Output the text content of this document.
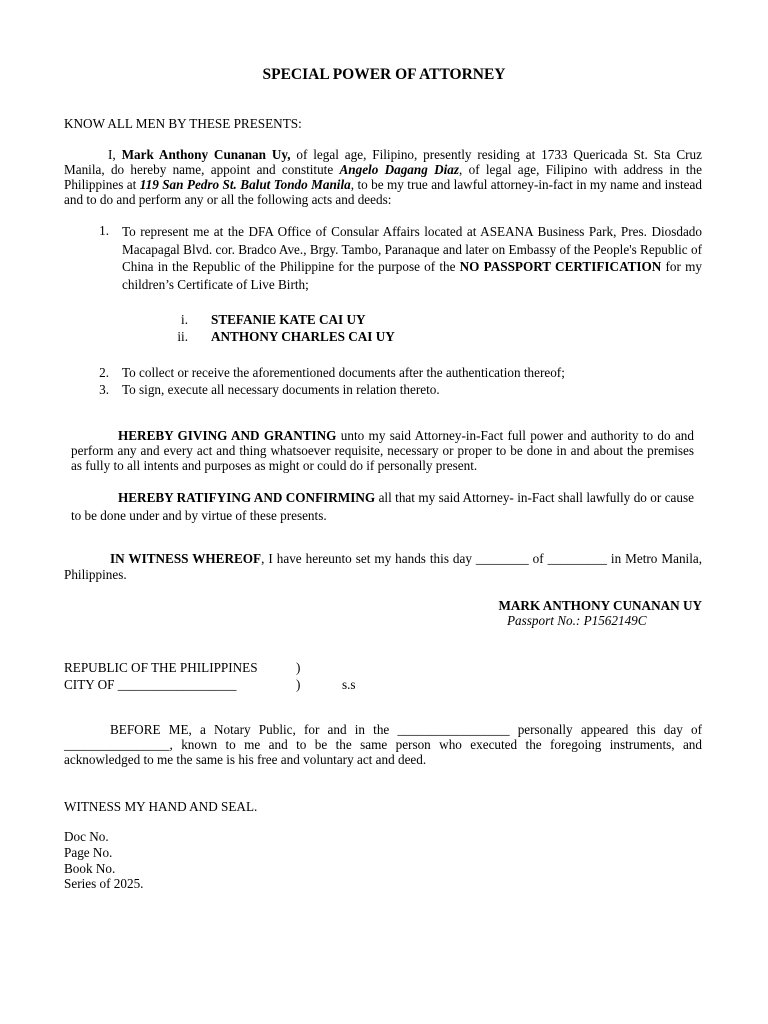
SPECIAL POWER OF ATTORNEY

KNOW ALL MEN BY THESE PRESENTS:

I, Mark Anthony Cunanan Uy, of legal age, Filipino, presently residing at 1733 Quericada St. Sta Cruz Manila, do hereby name, appoint and constitute Angelo Dagang Diaz, of legal age, Filipino with address in the Philippines at 119 San Pedro St. Balut Tondo Manila, to be my true and lawful attorney-in-fact in my name and instead and to do and perform any or all the following acts and deeds:

1. To represent me at the DFA Office of Consular Affairs located at ASEANA Business Park, Pres. Diosdado Macapagal Blvd. cor. Bradco Ave., Brgy. Tambo, Paranaque and later on Embassy of the People's Republic of China in the Republic of the Philippine for the purpose of the NO PASSPORT CERTIFICATION for my children’s Certificate of Live Birth;

i. STEFANIE KATE CAI UY
ii. ANTHONY CHARLES CAI UY
2. To collect or receive the aforementioned documents after the authentication thereof;

3. To sign, execute all necessary documents in relation thereto.

HEREBY GIVING AND GRANTING unto my said Attorney-in-Fact full power and authority to do and perform any and every act and thing whatsoever requisite, necessary or proper to be done in and about the premises as fully to all intents and purposes as might or could do if personally present.

HEREBY RATIFYING AND CONFIRMING all that my said Attorney- in-Fact shall lawfully do or cause to be done under and by virtue of these presents.

IN WITNESS WHEREOF, I have hereunto set my hands this day ________ of _________ in Metro Manila, Philippines.

MARK ANTHONY CUNANAN UY
Passport No.: P1562149C
REPUBLIC OF THE PHILIPPINES	)
CITY OF __________________	)	s.s

BEFORE ME, a Notary Public, for and in the _________________ personally appeared this day of ________________, known to me and to be the same person who executed the foregoing instruments, and acknowledged to me the same is his free and voluntary act and deed.

WITNESS MY HAND AND SEAL.

Doc No.
Page No.
Book No.
Series of 2025.
